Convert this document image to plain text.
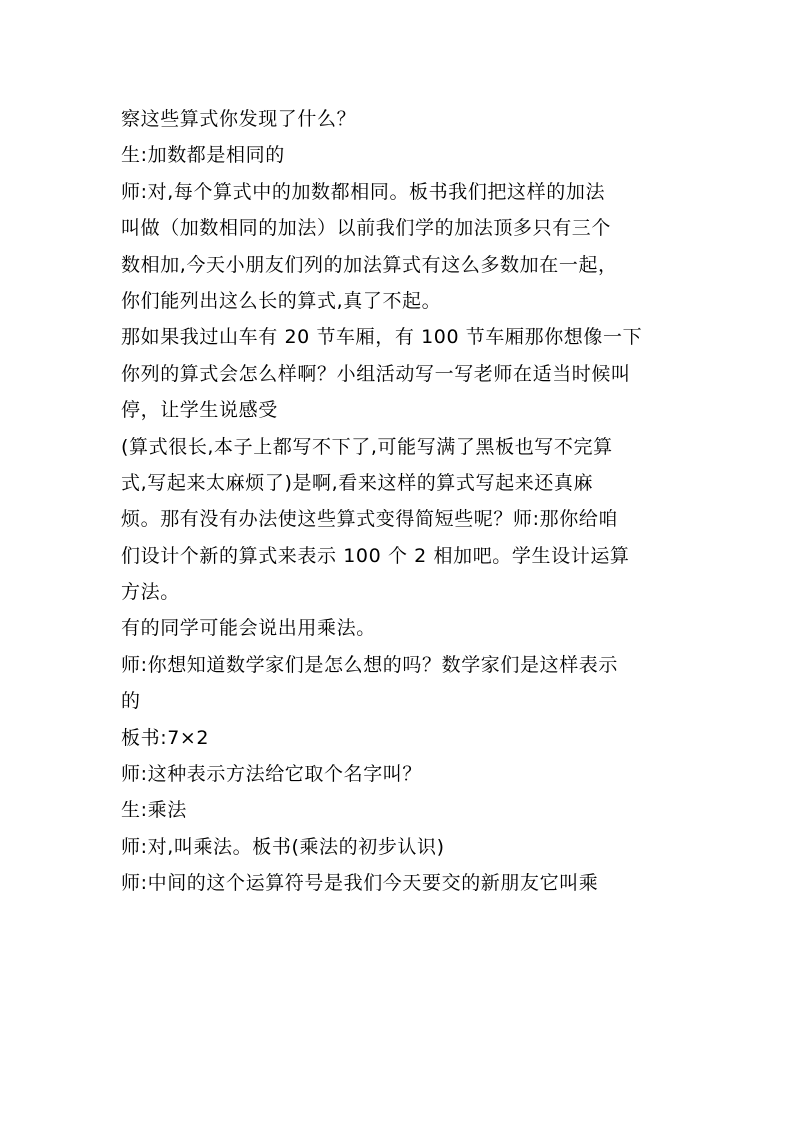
察这些算式你发现了什么？
生:加数都是相同的
师:对,每个算式中的加数都相同。板书我们把这样的加法
叫做（加数相同的加法）以前我们学的加法顶多只有三个
数相加,今天小朋友们列的加法算式有这么多数加在一起，
你们能列出这么长的算式,真了不起。
那如果我过山车有 20 节车厢，有 100 节车厢那你想像一下
你列的算式会怎么样啊？小组活动写一写老师在适当时候叫
停，让学生说感受
(算式很长,本子上都写不下了,可能写满了黑板也写不完算
式,写起来太麻烦了)是啊,看来这样的算式写起来还真麻
烦。那有没有办法使这些算式变得简短些呢？师:那你给咱
们设计个新的算式来表示 100 个 2 相加吧。学生设计运算
方法。
有的同学可能会说出用乘法。
师:你想知道数学家们是怎么想的吗？数学家们是这样表示
的
板书:7×2
师:这种表示方法给它取个名字叫？
生:乘法
师:对,叫乘法。板书(乘法的初步认识)
师:中间的这个运算符号是我们今天要交的新朋友它叫乘
